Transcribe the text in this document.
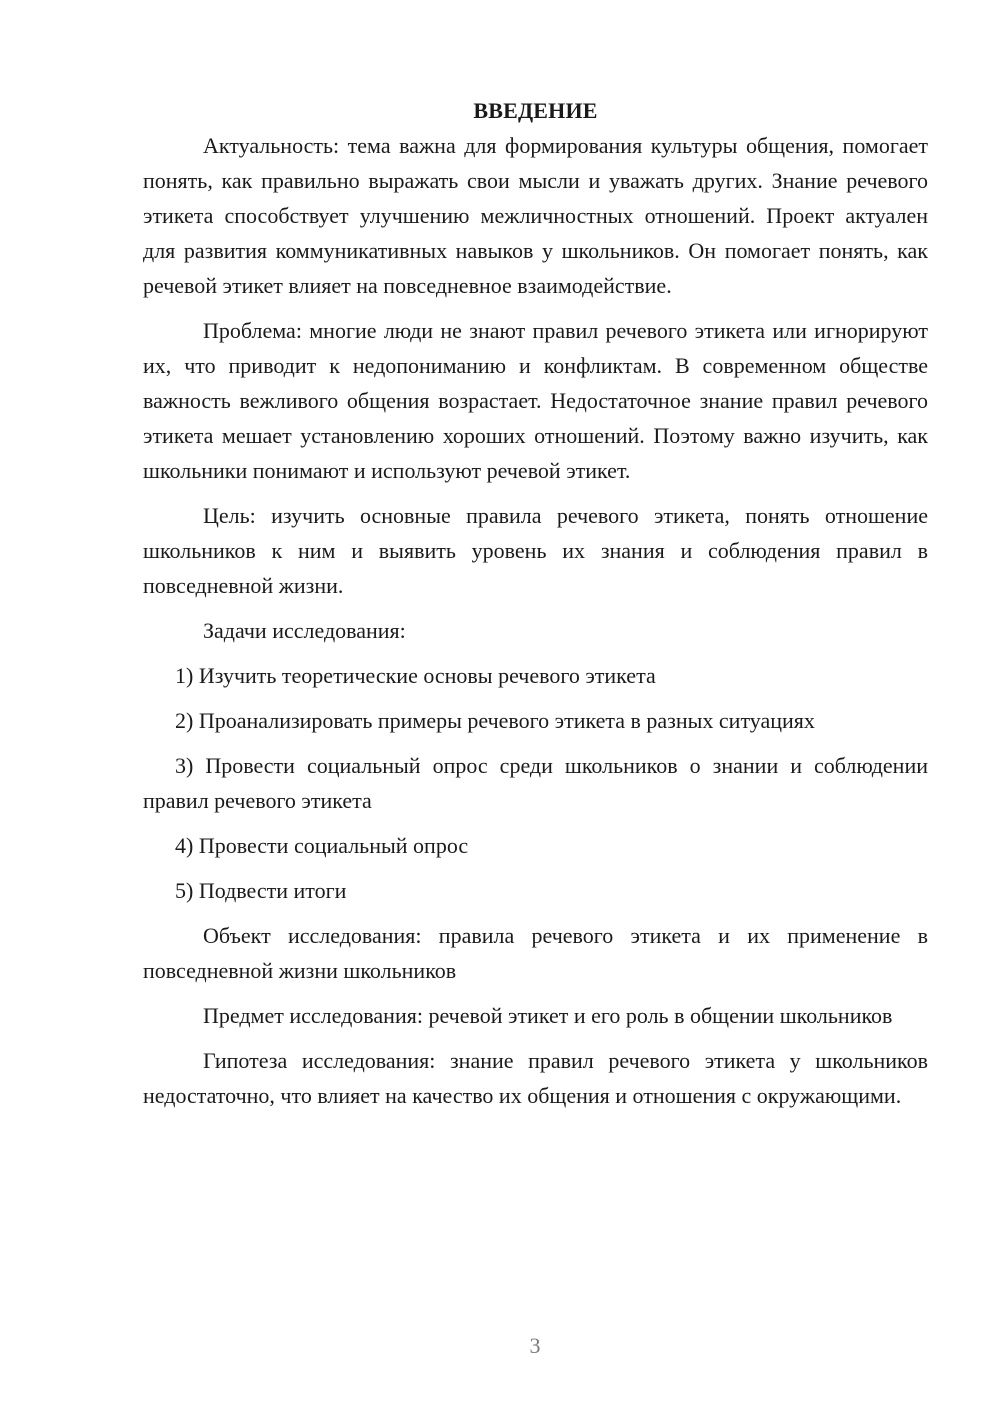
ВВЕДЕНИЕ

Актуальность: тема важна для формирования культуры общения, помогает понять, как правильно выражать свои мысли и уважать других. Знание речевого этикета способствует улучшению межличностных отношений. Проект актуален для развития коммуникативных навыков у школьников. Он помогает понять, как речевой этикет влияет на повседневное взаимодействие.

Проблема: многие люди не знают правил речевого этикета или игнорируют их, что приводит к недопониманию и конфликтам. В современном обществе важность вежливого общения возрастает. Недостаточное знание правил речевого этикета мешает установлению хороших отношений. Поэтому важно изучить, как школьники понимают и используют речевой этикет.

Цель: изучить основные правила речевого этикета, понять отношение школьников к ним и выявить уровень их знания и соблюдения правил в повседневной жизни.

Задачи исследования:

1) Изучить теоретические основы речевого этикета

2) Проанализировать примеры речевого этикета в разных ситуациях

3) Провести социальный опрос среди школьников о знании и соблюдении правил речевого этикета

4) Провести социальный опрос

5) Подвести итоги

Объект исследования: правила речевого этикета и их применение в повседневной жизни школьников

Предмет исследования: речевой этикет и его роль в общении школьников

Гипотеза исследования: знание правил речевого этикета у школьников недостаточно, что влияет на качество их общения и отношения с окружающими.

3
